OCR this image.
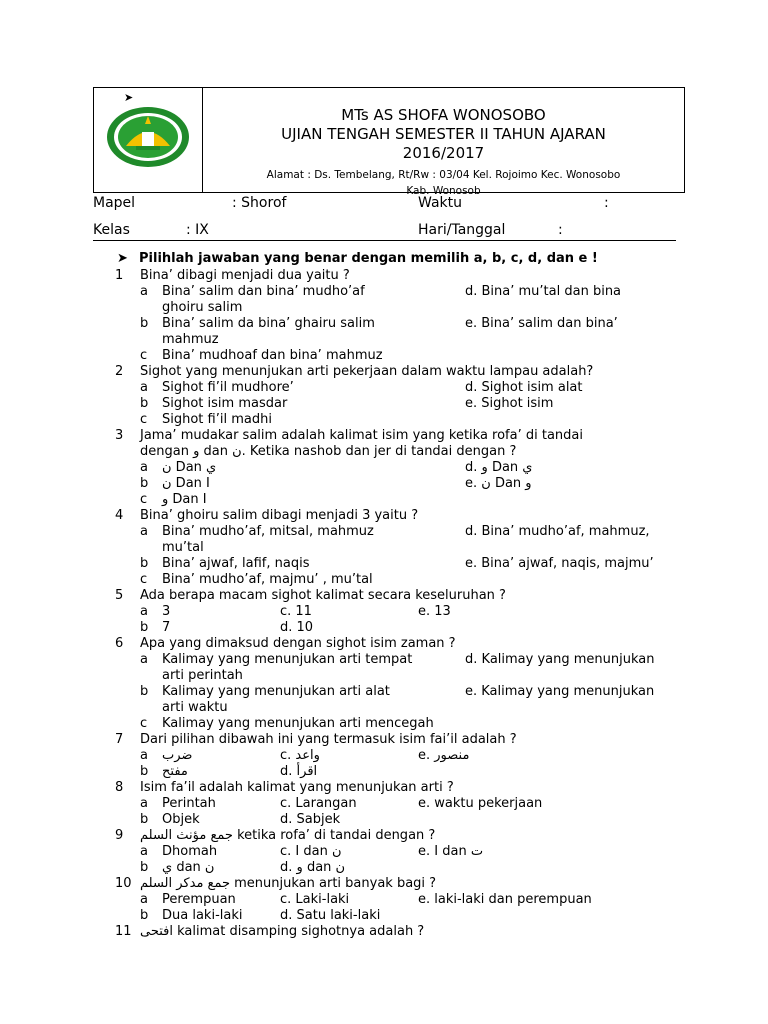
➤
MTs AS SHOFA WONOSOBO
UJIAN TENGAH SEMESTER II TAHUN AJARAN
2016/2017
Alamat : Ds. Tembelang, Rt/Rw : 03/04 Kel. Rojoimo Kec. Wonosobo
Kab. Wonosob
Mapel	: Shorof	Waktu	:
Kelas	: IX	Hari/Tanggal	:
➤ Pilihlah jawaban yang benar dengan memilih a, b, c, d, dan e !
1 Bina’ dibagi menjadi dua yaitu ?
a Bina’ salim dan bina’ mudho’af	d. Bina’ mu’tal dan bina
ghoiru salim
b Bina’ salim da bina’ ghairu salim	e. Bina’ salim dan bina’
mahmuz
c Bina’ mudhoaf dan bina’ mahmuz
2 Sighot yang menunjukan arti pekerjaan dalam waktu lampau adalah?
a Sighot fi’il mudhore’	d. Sighot isim alat
b Sighot isim masdar	e. Sighot isim
c Sighot fi’il madhi
3 Jama’ mudakar salim adalah kalimat isim yang ketika rofa’ di tandai
dengan و dan ن. Ketika nashob dan jer di tandai dengan ?
a ن Dan ي	d. و Dan ي
b ن Dan I	e. ن Dan و
c و Dan I
4 Bina’ ghoiru salim dibagi menjadi 3 yaitu ?
a Bina’ mudho’af, mitsal, mahmuz	d. Bina’ mudho’af, mahmuz,
mu’tal
b Bina’ ajwaf, lafif, naqis	e. Bina’ ajwaf, naqis, majmu’
c Bina’ mudho’af, majmu’ , mu’tal
5 Ada berapa macam sighot kalimat secara keseluruhan ?
a 3	c. 11	e. 13
b 7	d. 10
6 Apa yang dimaksud dengan sighot isim zaman ?
a Kalimay yang menunjukan arti tempat	d. Kalimay yang menunjukan
arti perintah
b Kalimay yang menunjukan arti alat	e. Kalimay yang menunjukan
arti waktu
c Kalimay yang menunjukan arti mencegah
7 Dari pilihan dibawah ini yang termasuk isim fai’il adalah ?
a ضرب	c. واعد	e. منصور
b مفتح	d. اقرأ
8 Isim fa’il adalah kalimat yang menunjukan arti ?
a Perintah	c. Larangan	e. waktu pekerjaan
b Objek	d. Sabjek
9 جمع مؤنث السلم ketika rofa’ di tandai dengan ?
a Dhomah	c. I dan ن	e. I dan ت
b ي dan ن	d. و dan ن
10 جمع مدكر السلم menunjukan arti banyak bagi ?
a Perempuan	c. Laki-laki	e. laki-laki dan perempuan
b Dua laki-laki	d. Satu laki-laki
11 افتحى kalimat disamping sighotnya adalah ?
